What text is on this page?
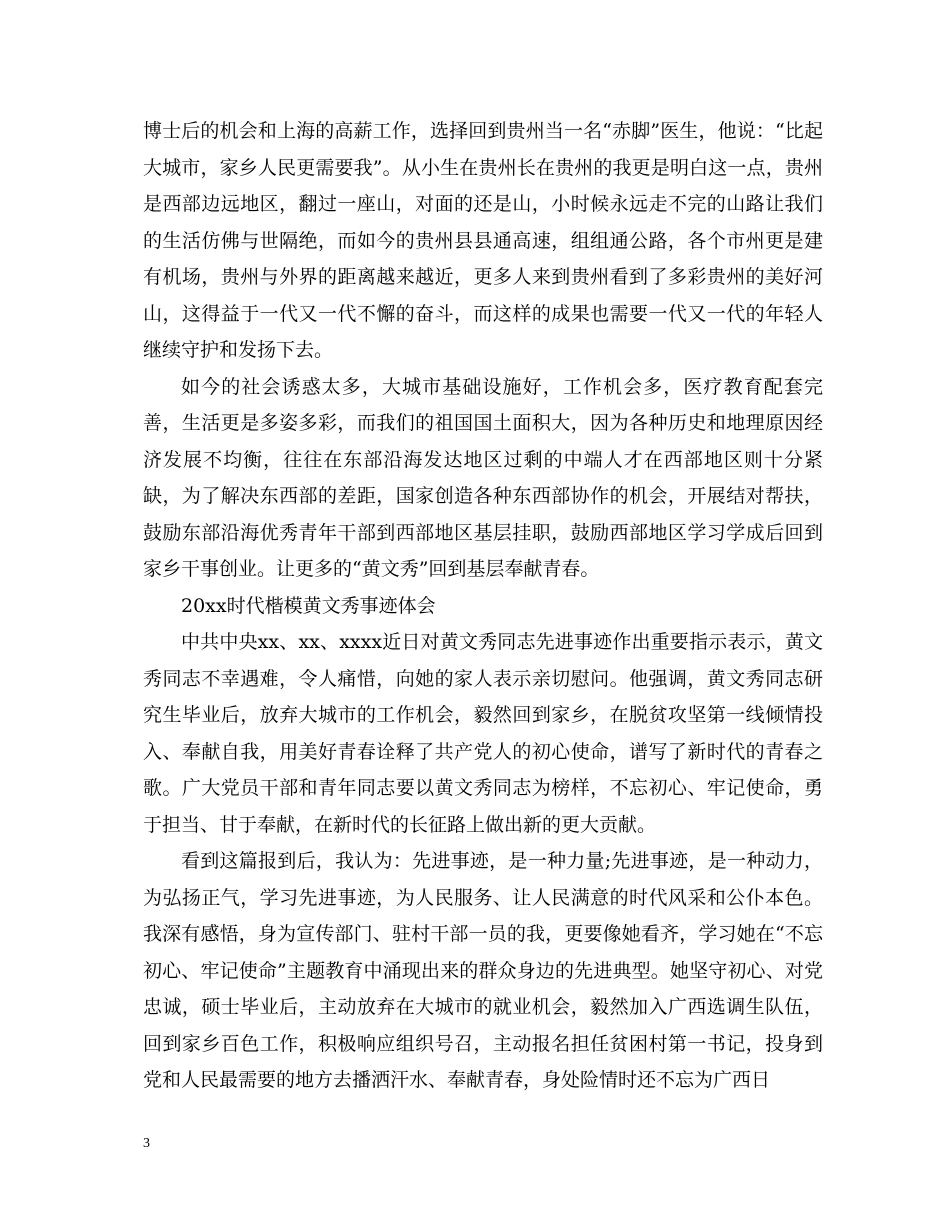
博士后的机会和上海的高薪工作，选择回到贵州当一名“赤脚”医生，他说：“比起大城市，家乡人民更需要我”。从小生在贵州长在贵州的我更是明白这一点，贵州是西部边远地区，翻过一座山，对面的还是山，小时候永远走不完的山路让我们的生活仿佛与世隔绝，而如今的贵州县县通高速，组组通公路，各个市州更是建有机场，贵州与外界的距离越来越近，更多人来到贵州看到了多彩贵州的美好河山，这得益于一代又一代不懈的奋斗，而这样的成果也需要一代又一代的年轻人继续守护和发扬下去。

如今的社会诱惑太多，大城市基础设施好，工作机会多，医疗教育配套完善，生活更是多姿多彩，而我们的祖国国土面积大，因为各种历史和地理原因经济发展不均衡，往往在东部沿海发达地区过剩的中端人才在西部地区则十分紧缺，为了解决东西部的差距，国家创造各种东西部协作的机会，开展结对帮扶，鼓励东部沿海优秀青年干部到西部地区基层挂职，鼓励西部地区学习学成后回到家乡干事创业。让更多的“黄文秀”回到基层奉献青春。

20xx时代楷模黄文秀事迹体会

中共中央xx、xx、xxxx近日对黄文秀同志先进事迹作出重要指示表示，黄文秀同志不幸遇难，令人痛惜，向她的家人表示亲切慰问。他强调，黄文秀同志研究生毕业后，放弃大城市的工作机会，毅然回到家乡，在脱贫攻坚第一线倾情投入、奉献自我，用美好青春诠释了共产党人的初心使命，谱写了新时代的青春之歌。广大党员干部和青年同志要以黄文秀同志为榜样，不忘初心、牢记使命，勇于担当、甘于奉献，在新时代的长征路上做出新的更大贡献。

看到这篇报到后，我认为：先进事迹，是一种力量;先进事迹，是一种动力，为弘扬正气，学习先进事迹，为人民服务、让人民满意的时代风采和公仆本色。我深有感悟，身为宣传部门、驻村干部一员的我，更要像她看齐，学习她在“不忘初心、牢记使命”主题教育中涌现出来的群众身边的先进典型。她坚守初心、对党忠诚，硕士毕业后，主动放弃在大城市的就业机会，毅然加入广西选调生队伍，回到家乡百色工作，积极响应组织号召，主动报名担任贫困村第一书记，投身到党和人民最需要的地方去播洒汗水、奉献青春，身处险情时还不忘为广西日

3
